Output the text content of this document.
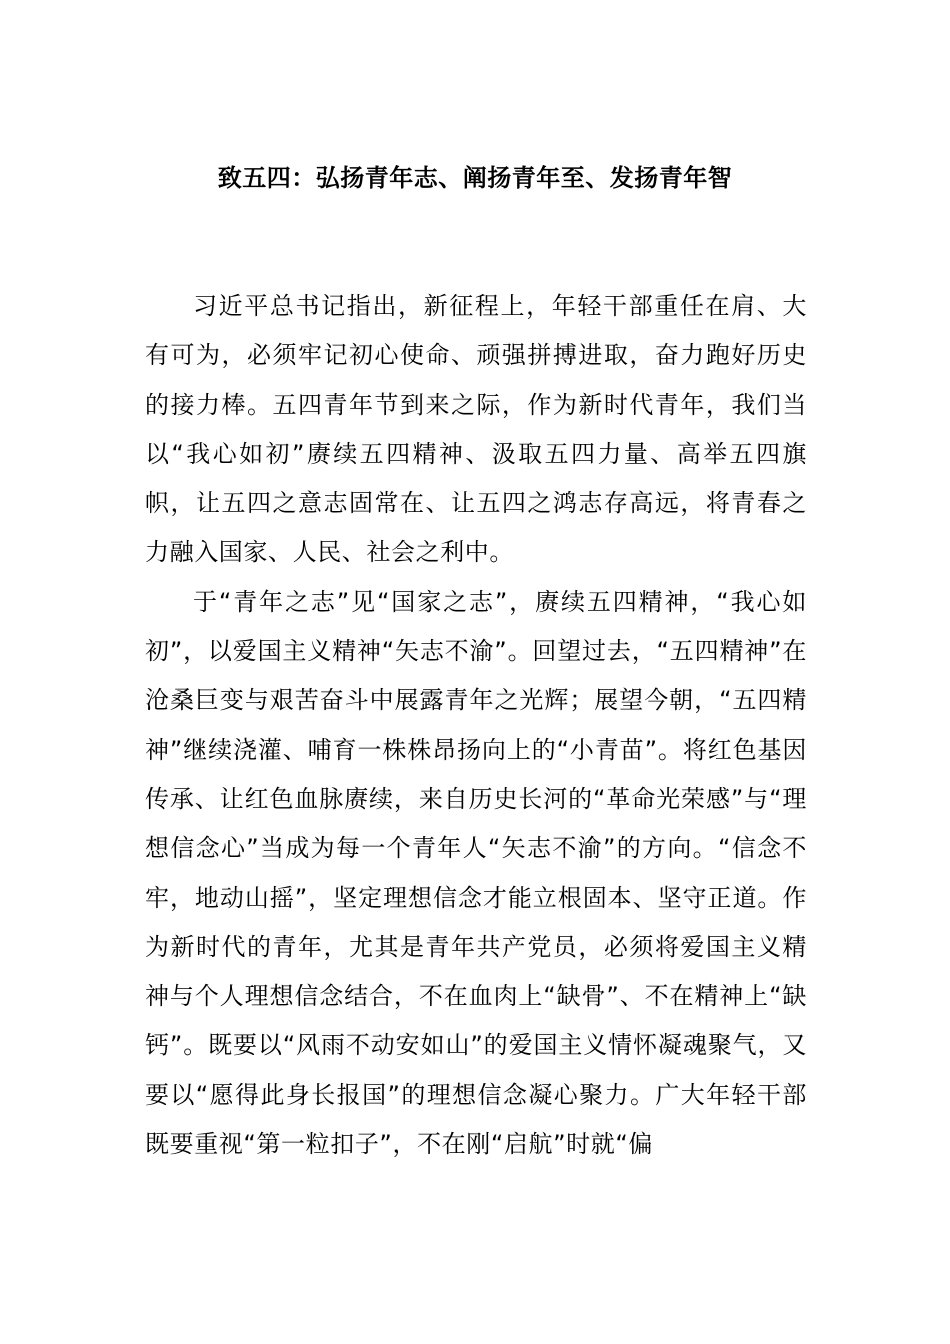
致五四：弘扬青年志、阐扬青年至、发扬青年智

习近平总书记指出，新征程上，年轻干部重任在肩、大有可为，必须牢记初心使命、顽强拼搏进取，奋力跑好历史的接力棒。五四青年节到来之际，作为新时代青年，我们当以“我心如初”赓续五四精神、汲取五四力量、高举五四旗帜，让五四之意志固常在、让五四之鸿志存高远，将青春之力融入国家、人民、社会之利中。

于“青年之志”见“国家之志”，赓续五四精神，“我心如初”，以爱国主义精神“矢志不渝”。回望过去，“五四精神”在沧桑巨变与艰苦奋斗中展露青年之光辉；展望今朝，“五四精神”继续浇灌、哺育一株株昂扬向上的“小青苗”。将红色基因传承、让红色血脉赓续，来自历史长河的“革命光荣感”与“理想信念心”当成为每一个青年人“矢志不渝”的方向。“信念不牢，地动山摇”，坚定理想信念才能立根固本、坚守正道。作为新时代的青年，尤其是青年共产党员，必须将爱国主义精神与个人理想信念结合，不在血肉上“缺骨”、不在精神上“缺钙”。既要以“风雨不动安如山”的爱国主义情怀凝魂聚气，又要以“愿得此身长报国”的理想信念凝心聚力。广大年轻干部既要重视“第一粒扣子”，不在刚“启航”时就“偏
